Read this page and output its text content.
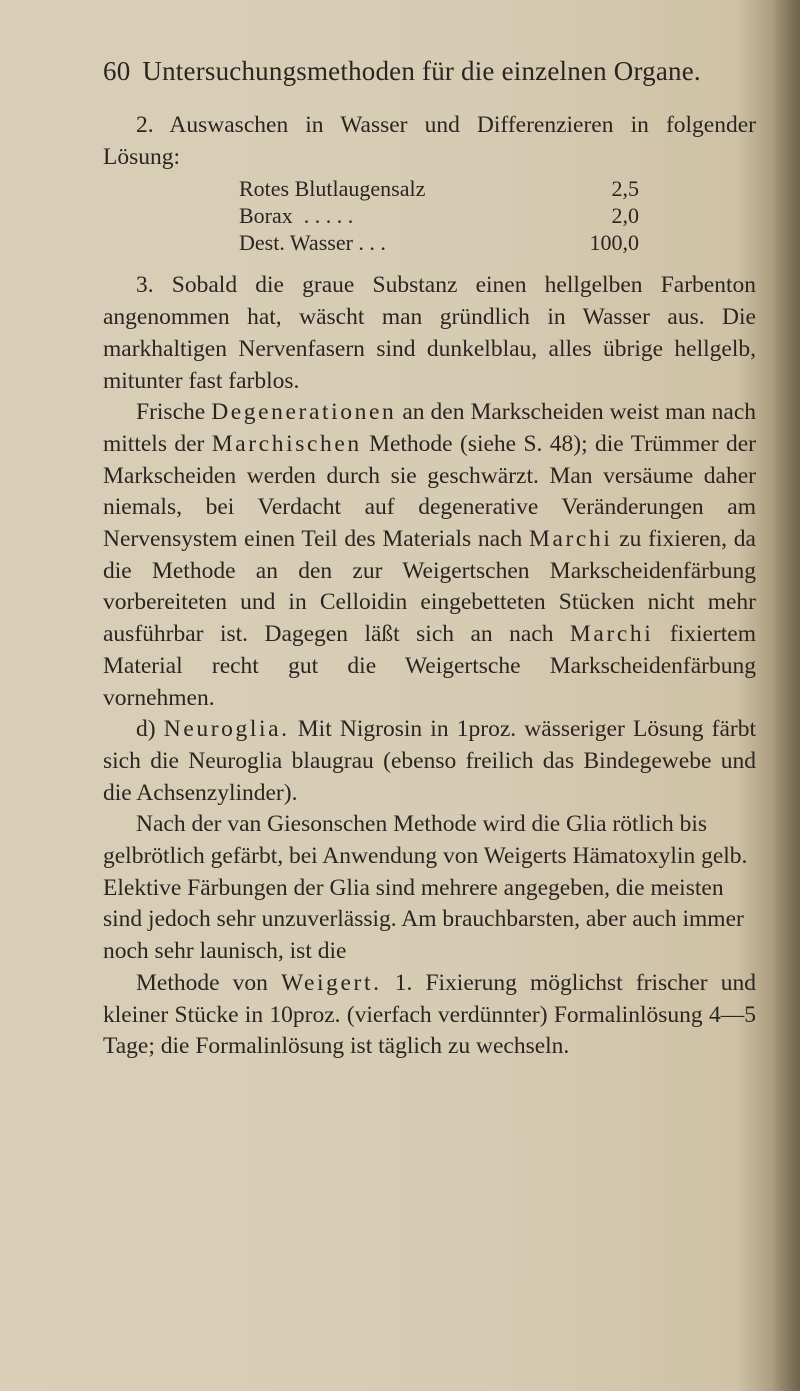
60 Untersuchungsmethoden für die einzelnen Organe.

2. Auswaschen in Wasser und Differenzieren in folgender Lösung:

Rotes Blutlaugensalz	2,5
Borax  . . . . .	2,0
Dest. Wasser . . .	100,0

3. Sobald die graue Substanz einen hellgelben Farbenton angenommen hat, wäscht man gründlich in Wasser aus. Die markhaltigen Nervenfasern sind dunkelblau, alles übrige hellgelb, mitunter fast farblos.

Frische Degenerationen an den Markscheiden weist man nach mittels der Marchischen Methode (siehe S. 48); die Trümmer der Markscheiden werden durch sie geschwärzt. Man versäume daher niemals, bei Verdacht auf degenerative Veränderungen am Nervensystem einen Teil des Materials nach Marchi zu fixieren, da die Methode an den zur Weigertschen Markscheidenfärbung vorbereiteten und in Celloidin eingebetteten Stücken nicht mehr ausführbar ist. Dagegen läßt sich an nach Marchi fixiertem Material recht gut die Weigertsche Markscheidenfärbung vornehmen.

d) Neuroglia. Mit Nigrosin in 1proz. wässeriger Lösung färbt sich die Neuroglia blaugrau (ebenso freilich das Bindegewebe und die Achsenzylinder).

Nach der van Giesonschen Methode wird die Glia rötlich bis gelbrötlich gefärbt, bei Anwendung von Weigerts Hämatoxylin gelb. Elektive Färbungen der Glia sind mehrere angegeben, die meisten sind jedoch sehr unzuverlässig. Am brauchbarsten, aber auch immer noch sehr launisch, ist die

Methode von Weigert. 1. Fixierung möglichst frischer und kleiner Stücke in 10proz. (vierfach verdünnter) Formalinlösung 4—5 Tage; die Formalinlösung ist täglich zu wechseln.
